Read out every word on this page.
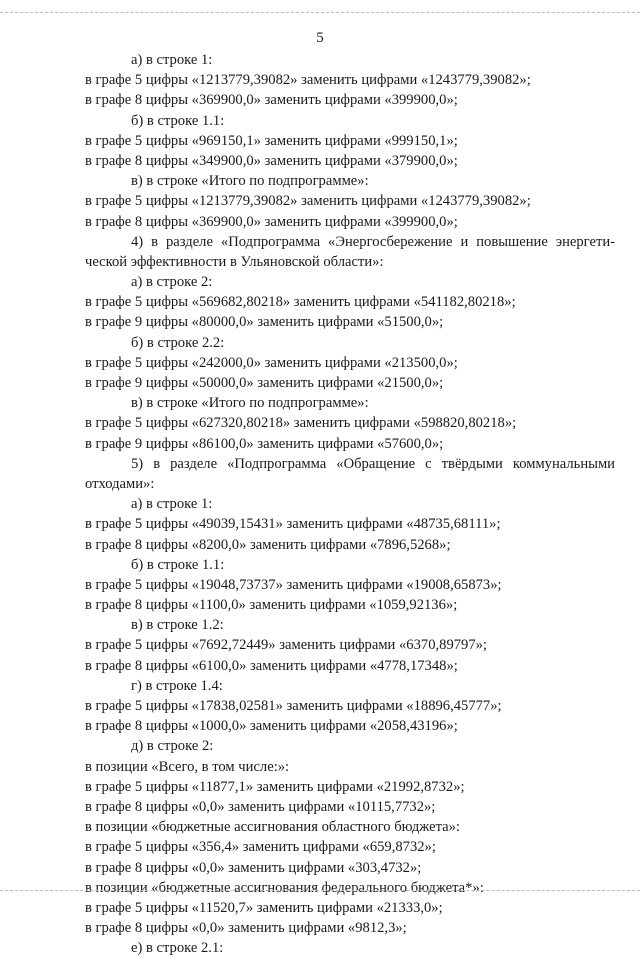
5
а) в строке 1:
в графе 5 цифры «1213779,39082» заменить цифрами «1243779,39082»;
в графе 8 цифры «369900,0» заменить цифрами «399900,0»;
б) в строке 1.1:
в графе 5 цифры «969150,1» заменить цифрами «999150,1»;
в графе 8 цифры «349900,0» заменить цифрами «379900,0»;
в) в строке «Итого по подпрограмме»:
в графе 5 цифры «1213779,39082» заменить цифрами «1243779,39082»;
в графе 8 цифры «369900,0» заменить цифрами «399900,0»;
4) в разделе «Подпрограмма «Энергосбережение и повышение энергети-
ческой эффективности в Ульяновской области»:
а) в строке 2:
в графе 5 цифры «569682,80218» заменить цифрами «541182,80218»;
в графе 9 цифры «80000,0» заменить цифрами «51500,0»;
б) в строке 2.2:
в графе 5 цифры «242000,0» заменить цифрами «213500,0»;
в графе 9 цифры «50000,0» заменить цифрами «21500,0»;
в) в строке «Итого по подпрограмме»:
в графе 5 цифры «627320,80218» заменить цифрами «598820,80218»;
в графе 9 цифры «86100,0» заменить цифрами «57600,0»;
5) в разделе «Подпрограмма «Обращение с твёрдыми коммунальными
отходами»:
а) в строке 1:
в графе 5 цифры «49039,15431» заменить цифрами «48735,68111»;
в графе 8 цифры «8200,0» заменить цифрами «7896,5268»;
б) в строке 1.1:
в графе 5 цифры «19048,73737» заменить цифрами «19008,65873»;
в графе 8 цифры «1100,0» заменить цифрами «1059,92136»;
в) в строке 1.2:
в графе 5 цифры «7692,72449» заменить цифрами «6370,89797»;
в графе 8 цифры «6100,0» заменить цифрами «4778,17348»;
г) в строке 1.4:
в графе 5 цифры «17838,02581» заменить цифрами «18896,45777»;
в графе 8 цифры «1000,0» заменить цифрами «2058,43196»;
д) в строке 2:
в позиции «Всего, в том числе:»:
в графе 5 цифры «11877,1» заменить цифрами «21992,8732»;
в графе 8 цифры «0,0» заменить цифрами «10115,7732»;
в позиции «бюджетные ассигнования областного бюджета»:
в графе 5 цифры «356,4» заменить цифрами «659,8732»;
в графе 8 цифры «0,0» заменить цифрами «303,4732»;
в позиции «бюджетные ассигнования федерального бюджета*»:
в графе 5 цифры «11520,7» заменить цифрами «21333,0»;
в графе 8 цифры «0,0» заменить цифрами «9812,3»;
е) в строке 2.1:
